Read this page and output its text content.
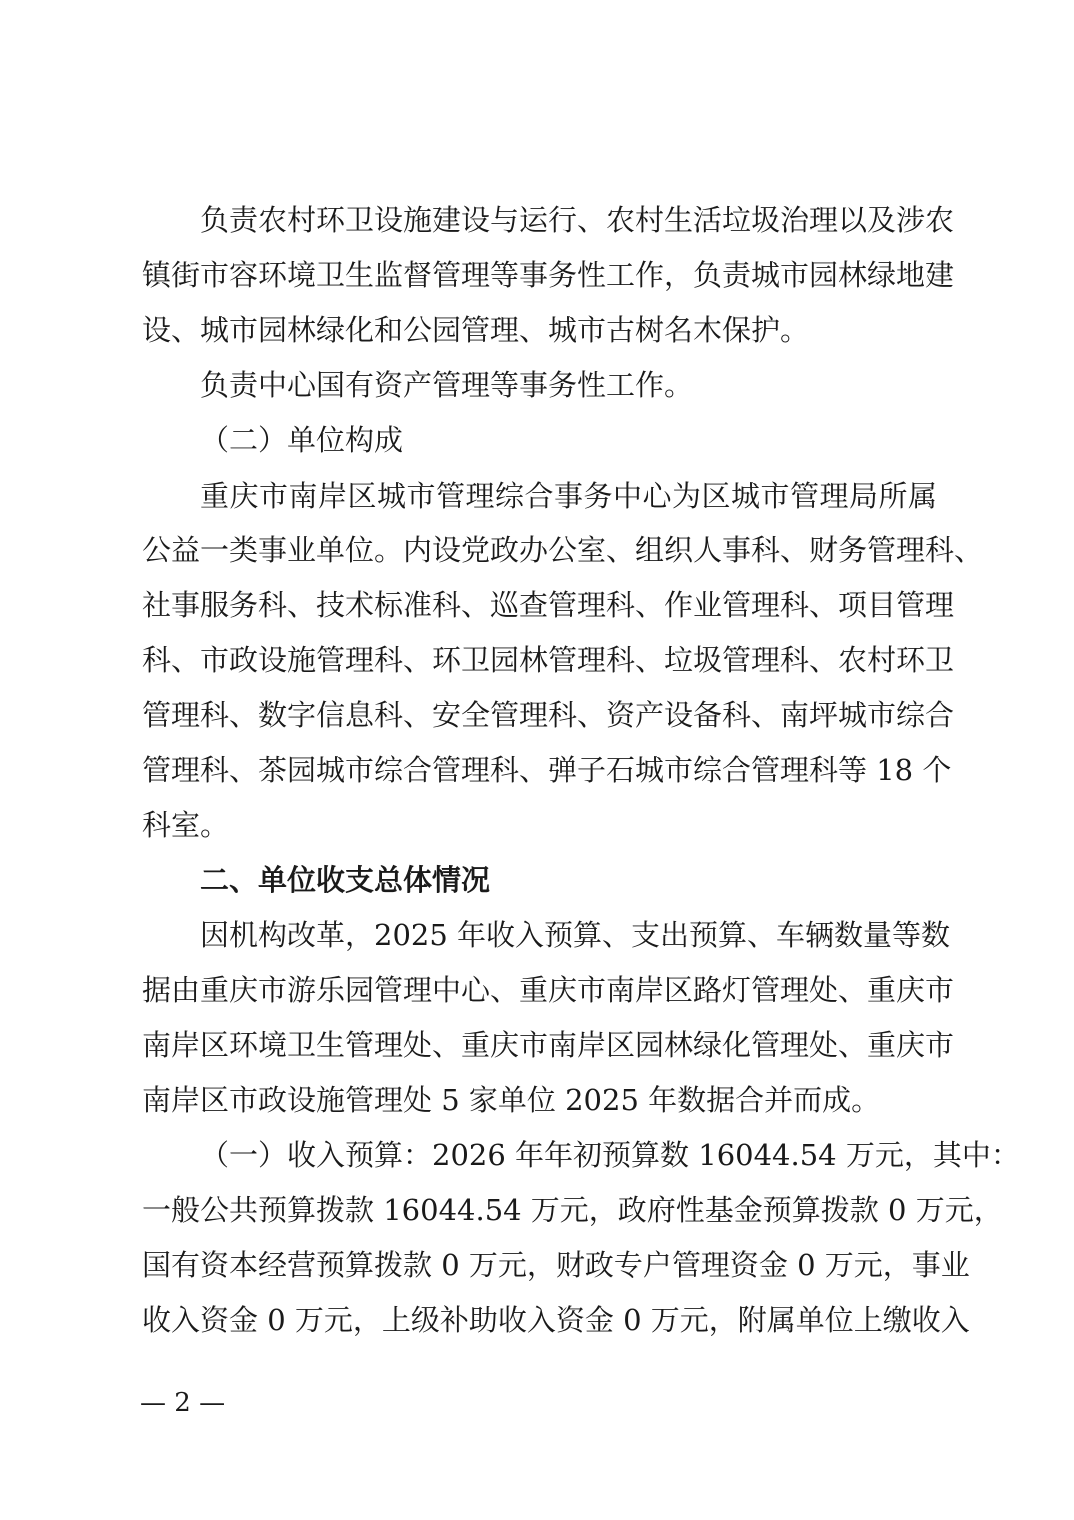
负责农村环卫设施建设与运行、农村生活垃圾治理以及涉农
镇街市容环境卫生监督管理等事务性工作，负责城市园林绿地建
设、城市园林绿化和公园管理、城市古树名木保护。
负责中心国有资产管理等事务性工作。
（二）单位构成
重庆市南岸区城市管理综合事务中心为区城市管理局所属
公益一类事业单位。内设党政办公室、组织人事科、财务管理科、
社事服务科、技术标准科、巡查管理科、作业管理科、项目管理
科、市政设施管理科、环卫园林管理科、垃圾管理科、农村环卫
管理科、数字信息科、安全管理科、资产设备科、南坪城市综合
管理科、茶园城市综合管理科、弹子石城市综合管理科等 18 个
科室。
二、单位收支总体情况
因机构改革，2025 年收入预算、支出预算、车辆数量等数
据由重庆市游乐园管理中心、重庆市南岸区路灯管理处、重庆市
南岸区环境卫生管理处、重庆市南岸区园林绿化管理处、重庆市
南岸区市政设施管理处 5 家单位 2025 年数据合并而成。
（一）收入预算：2026 年年初预算数 16044.54 万元，其中：
一般公共预算拨款 16044.54 万元，政府性基金预算拨款 0 万元，
国有资本经营预算拨款 0 万元，财政专户管理资金 0 万元，事业
收入资金 0 万元，上级补助收入资金 0 万元，附属单位上缴收入
— 2 —
